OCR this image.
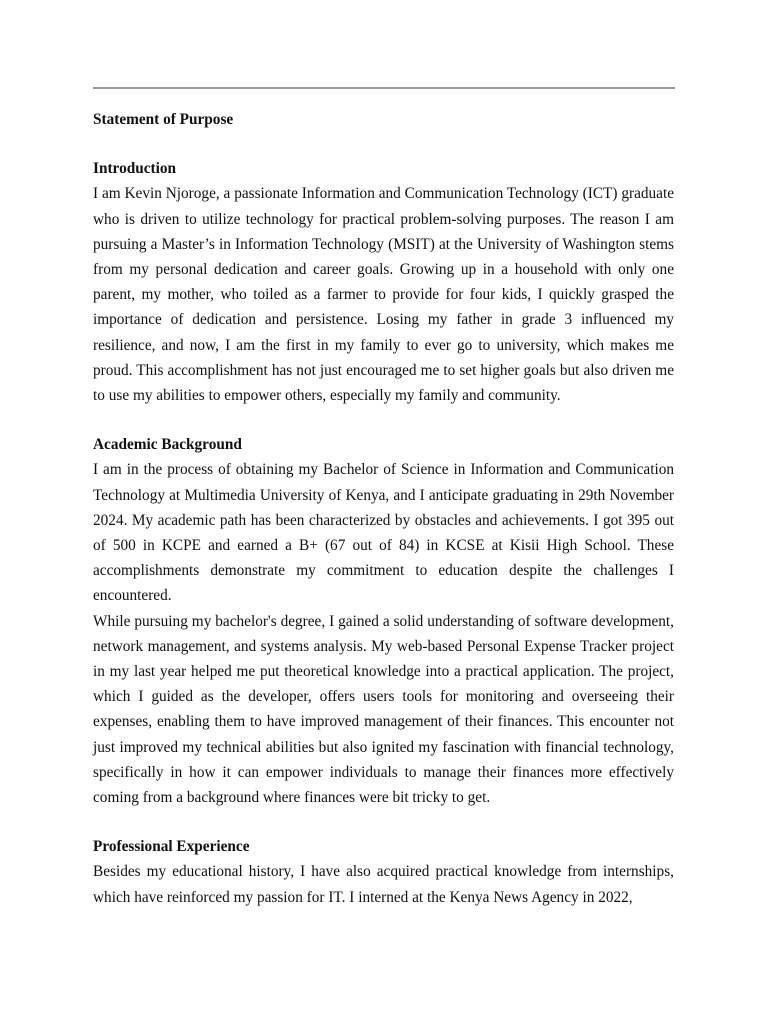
Statement of Purpose

Introduction

I am Kevin Njoroge, a passionate Information and Communication Technology (ICT) graduate who is driven to utilize technology for practical problem-solving purposes. The reason I am pursuing a Master’s in Information Technology (MSIT) at the University of Washington stems from my personal dedication and career goals. Growing up in a household with only one parent, my mother, who toiled as a farmer to provide for four kids, I quickly grasped the importance of dedication and persistence. Losing my father in grade 3 influenced my resilience, and now, I am the first in my family to ever go to university, which makes me proud. This accomplishment has not just encouraged me to set higher goals but also driven me to use my abilities to empower others, especially my family and community.

Academic Background

I am in the process of obtaining my Bachelor of Science in Information and Communication Technology at Multimedia University of Kenya, and I anticipate graduating in 29th November 2024. My academic path has been characterized by obstacles and achievements. I got 395 out of 500 in KCPE and earned a B+ (67 out of 84) in KCSE at Kisii High School. These accomplishments demonstrate my commitment to education despite the challenges I encountered.

While pursuing my bachelor's degree, I gained a solid understanding of software development, network management, and systems analysis. My web-based Personal Expense Tracker project in my last year helped me put theoretical knowledge into a practical application. The project, which I guided as the developer, offers users tools for monitoring and overseeing their expenses, enabling them to have improved management of their finances. This encounter not just improved my technical abilities but also ignited my fascination with financial technology, specifically in how it can empower individuals to manage their finances more effectively coming from a background where finances were bit tricky to get.

Professional Experience

Besides my educational history, I have also acquired practical knowledge from internships, which have reinforced my passion for IT. I interned at the Kenya News Agency in 2022,
